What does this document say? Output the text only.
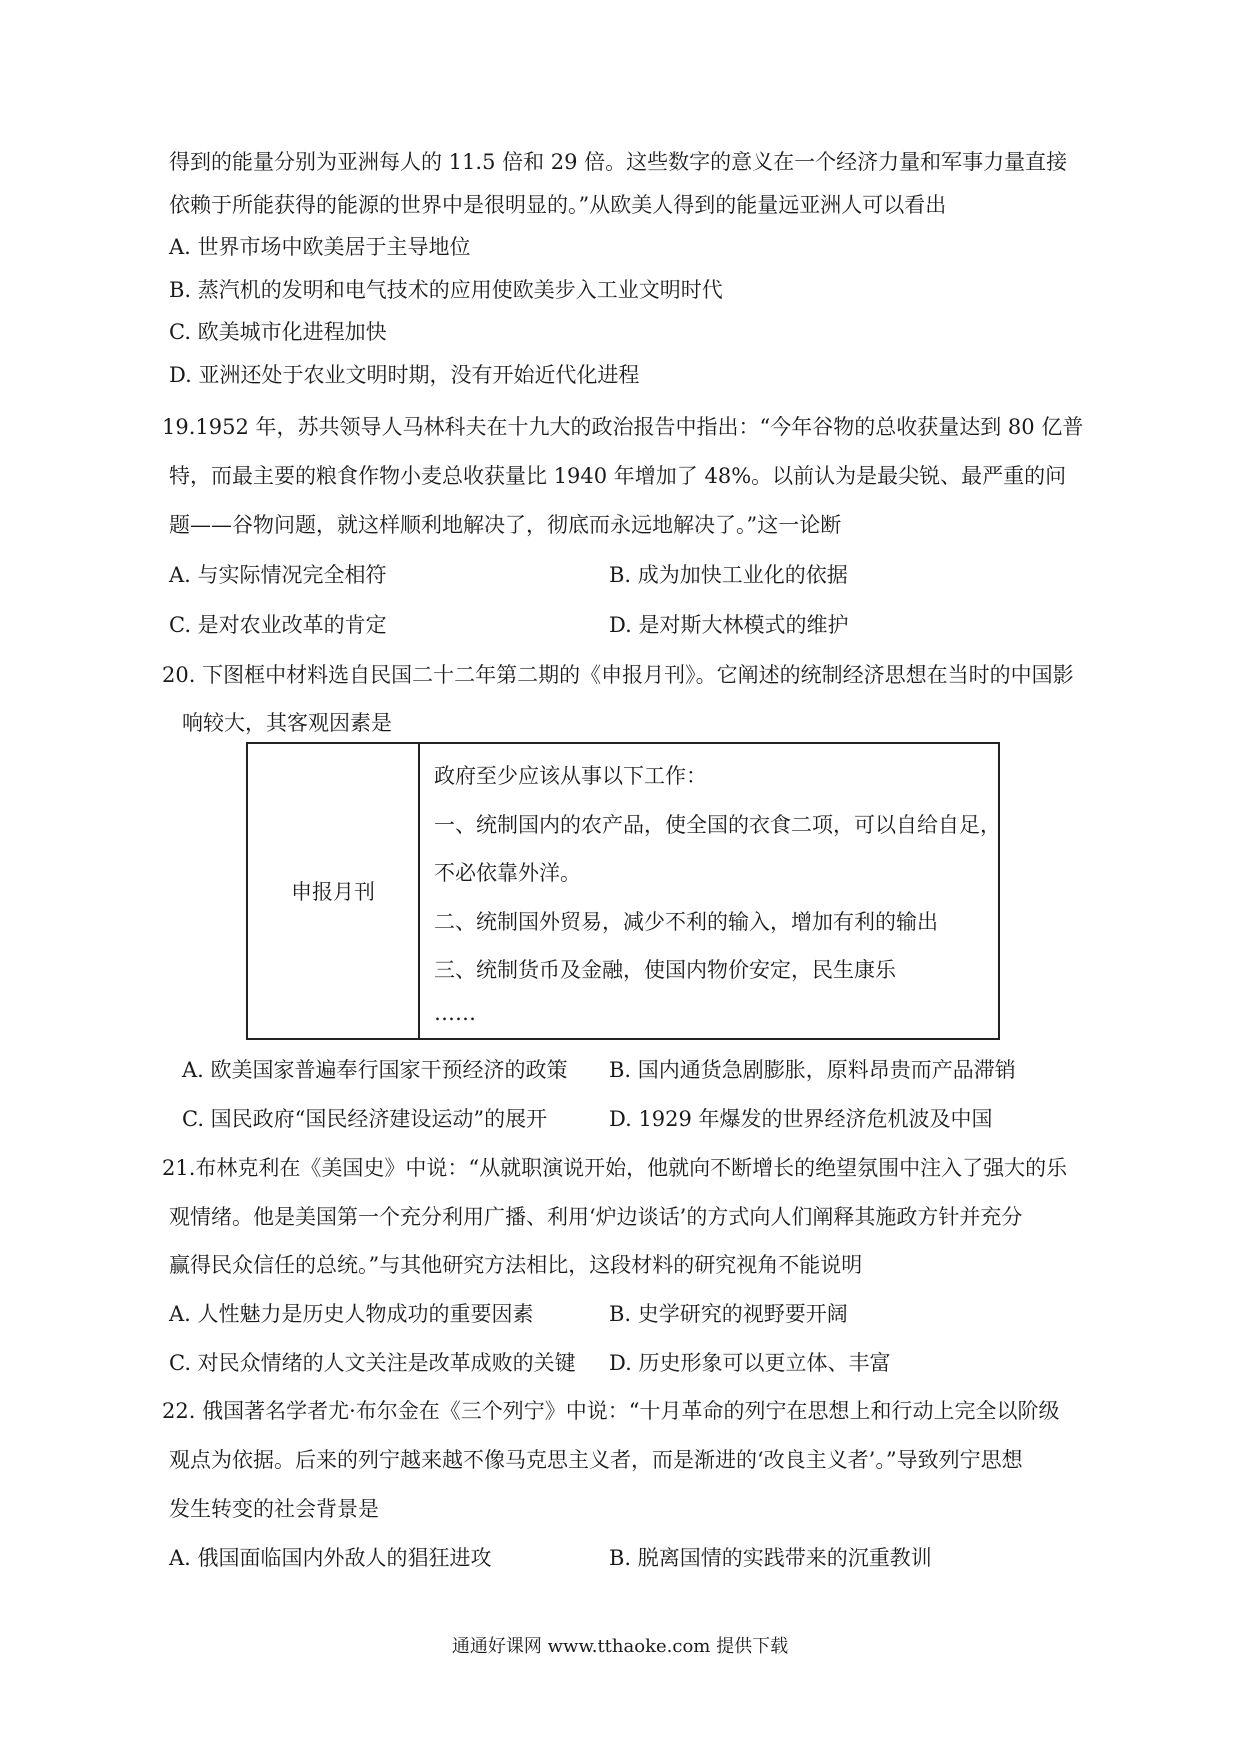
得到的能量分别为亚洲每人的 11.5 倍和 29 倍。这些数字的意义在一个经济力量和军事力量直接
依赖于所能获得的能源的世界中是很明显的。”从欧美人得到的能量远亚洲人可以看出
A. 世界市场中欧美居于主导地位
B. 蒸汽机的发明和电气技术的应用使欧美步入工业文明时代
C. 欧美城市化进程加快
D. 亚洲还处于农业文明时期，没有开始近代化进程
19.1952 年，苏共领导人马林科夫在十九大的政治报告中指出：“今年谷物的总收获量达到 80 亿普
特，而最主要的粮食作物小麦总收获量比 1940 年增加了 48%。以前认为是最尖锐、最严重的问
题——谷物问题，就这样顺利地解决了，彻底而永远地解决了。”这一论断
A. 与实际情况完全相符	B. 成为加快工业化的依据
C. 是对农业改革的肯定	D. 是对斯大林模式的维护
20. 下图框中材料选自民国二十二年第二期的《申报月刊》。它阐述的统制经济思想在当时的中国影
响较大，其客观因素是
申报月刊
政府至少应该从事以下工作：
一、统制国内的农产品，使全国的衣食二项，可以自给自足，
不必依靠外洋。
二、统制国外贸易，减少不利的输入，增加有利的输出
三、统制货币及金融，使国内物价安定，民生康乐
……
A. 欧美国家普遍奉行国家干预经济的政策 B. 国内通货急剧膨胀，原料昂贵而产品滞销
C. 国民政府“国民经济建设运动”的展开	D. 1929 年爆发的世界经济危机波及中国
21.布林克利在《美国史》中说：“从就职演说开始，他就向不断增长的绝望氛围中注入了强大的乐
观情绪。他是美国第一个充分利用广播、利用‘炉边谈话’的方式向人们阐释其施政方针并充分
赢得民众信任的总统。”与其他研究方法相比，这段材料的研究视角不能说明
A. 人性魅力是历史人物成功的重要因素	B. 史学研究的视野要开阔
C. 对民众情绪的人文关注是改革成败的关键 D. 历史形象可以更立体、丰富
22. 俄国著名学者尤·布尔金在《三个列宁》中说：“十月革命的列宁在思想上和行动上完全以阶级
观点为依据。后来的列宁越来越不像马克思主义者，而是渐进的‘改良主义者’。”导致列宁思想
发生转变的社会背景是
A. 俄国面临国内外敌人的猖狂进攻	B. 脱离国情的实践带来的沉重教训
通通好课网 www.tthaoke.com 提供下载
